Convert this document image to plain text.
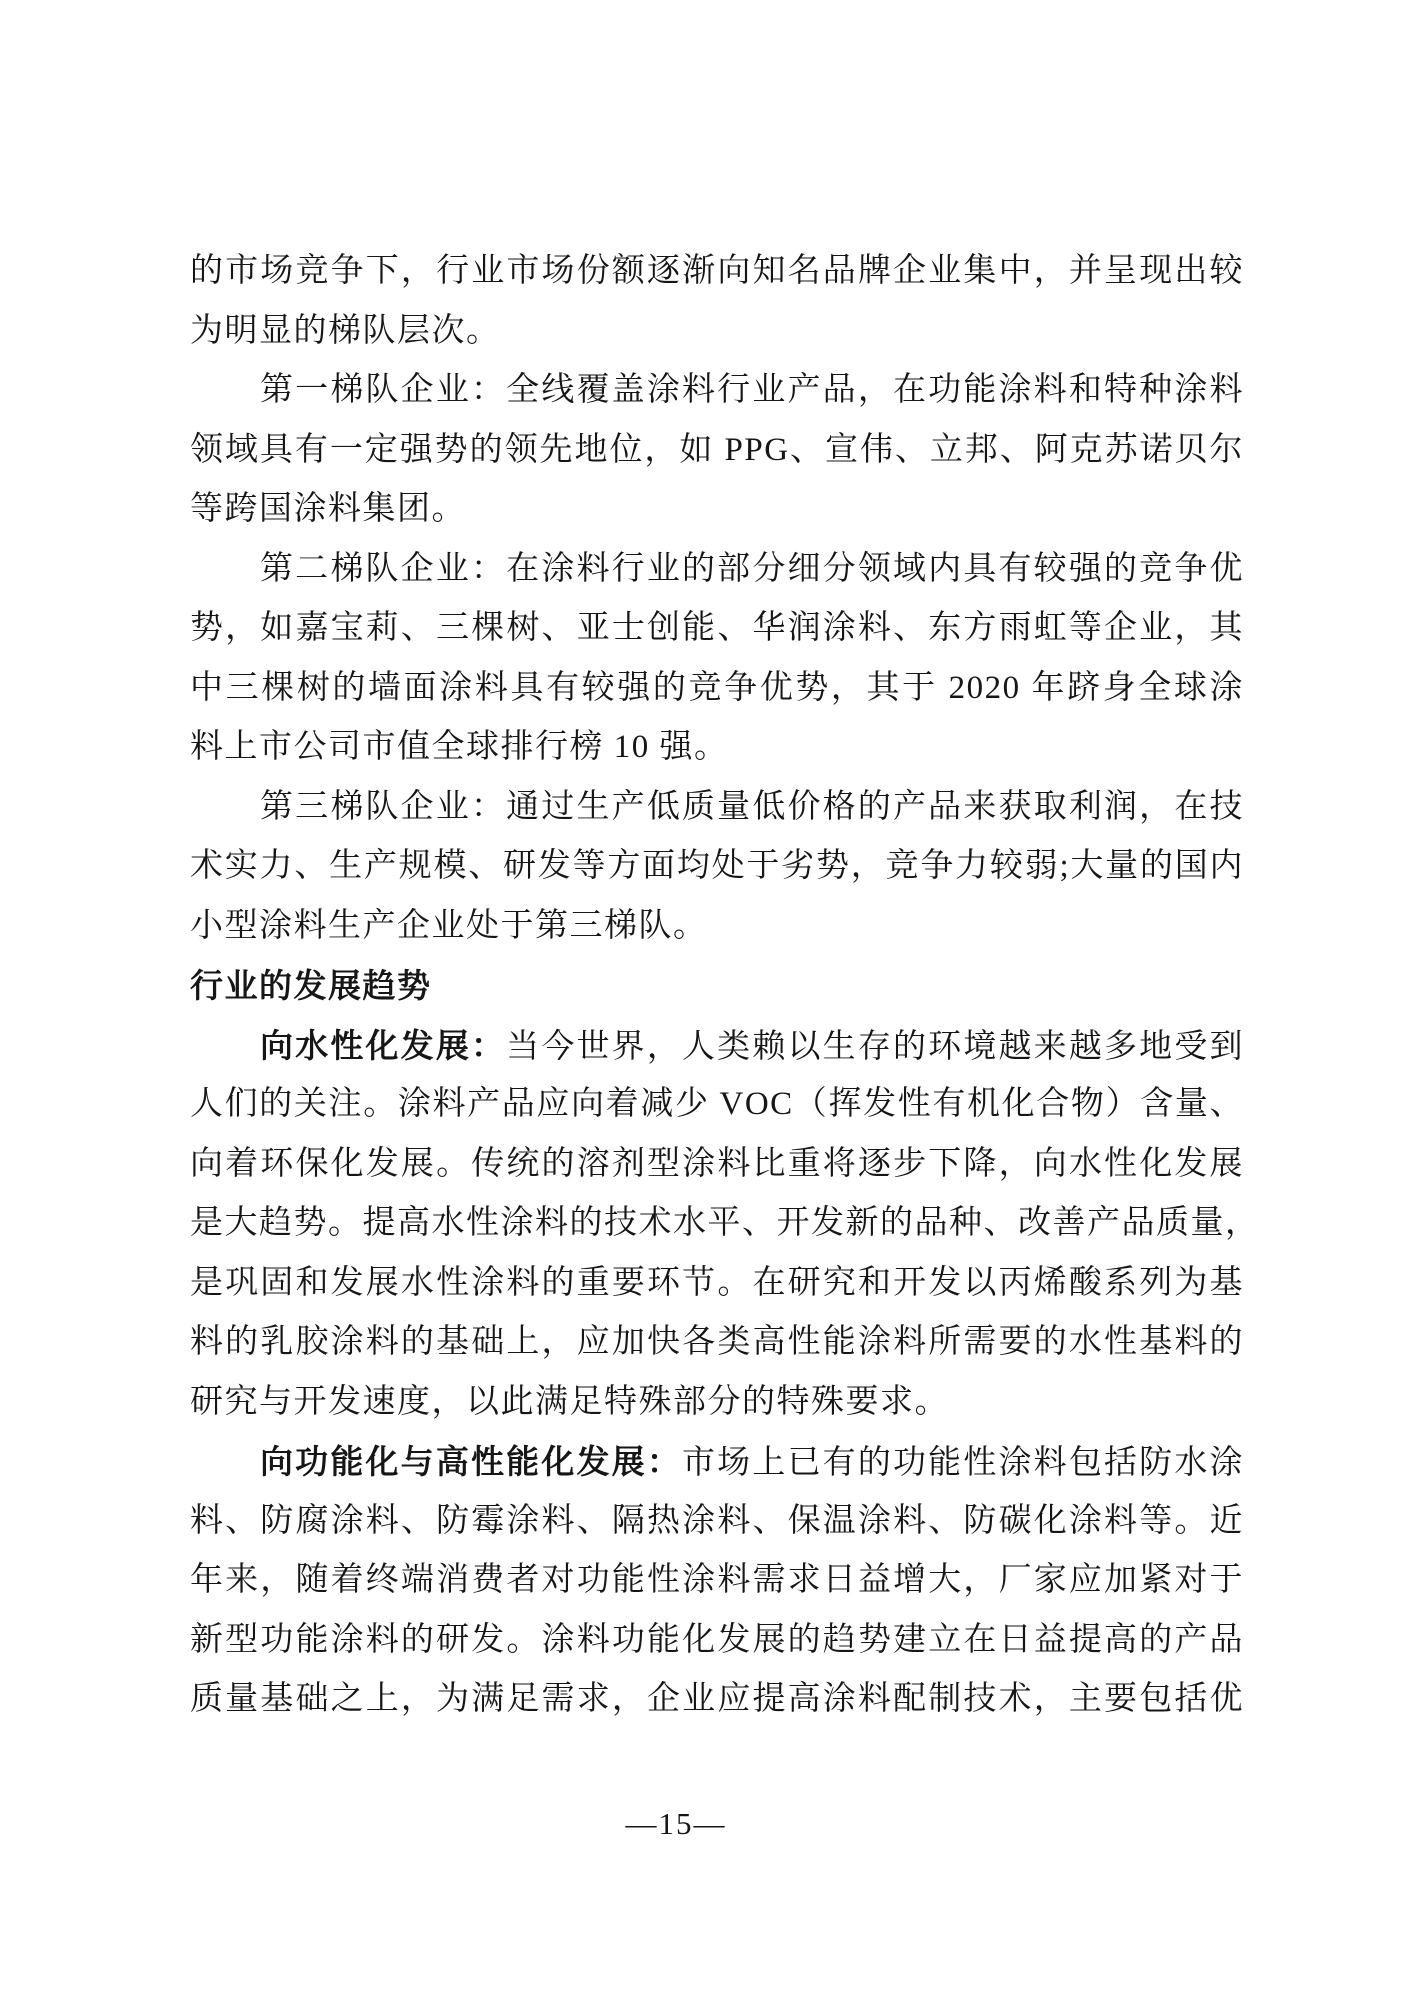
的市场竞争下，行业市场份额逐渐向知名品牌企业集中，并呈现出较
为明显的梯队层次。
第一梯队企业：全线覆盖涂料行业产品，在功能涂料和特种涂料
领域具有一定强势的领先地位，如 PPG、宣伟、立邦、阿克苏诺贝尔
等跨国涂料集团。
第二梯队企业：在涂料行业的部分细分领域内具有较强的竞争优
势，如嘉宝莉、三棵树、亚士创能、华润涂料、东方雨虹等企业，其
中三棵树的墙面涂料具有较强的竞争优势，其于 2020 年跻身全球涂
料上市公司市值全球排行榜 10 强。
第三梯队企业：通过生产低质量低价格的产品来获取利润，在技
术实力、生产规模、研发等方面均处于劣势，竞争力较弱;大量的国内
小型涂料生产企业处于第三梯队。
行业的发展趋势
向水性化发展：当今世界，人类赖以生存的环境越来越多地受到
人们的关注。涂料产品应向着减少 VOC（挥发性有机化合物）含量、
向着环保化发展。传统的溶剂型涂料比重将逐步下降，向水性化发展
是大趋势。提高水性涂料的技术水平、开发新的品种、改善产品质量，
是巩固和发展水性涂料的重要环节。在研究和开发以丙烯酸系列为基
料的乳胶涂料的基础上，应加快各类高性能涂料所需要的水性基料的
研究与开发速度，以此满足特殊部分的特殊要求。
向功能化与高性能化发展：市场上已有的功能性涂料包括防水涂
料、防腐涂料、防霉涂料、隔热涂料、保温涂料、防碳化涂料等。近
年来，随着终端消费者对功能性涂料需求日益增大，厂家应加紧对于
新型功能涂料的研发。涂料功能化发展的趋势建立在日益提高的产品
质量基础之上，为满足需求，企业应提高涂料配制技术，主要包括优
—15—
